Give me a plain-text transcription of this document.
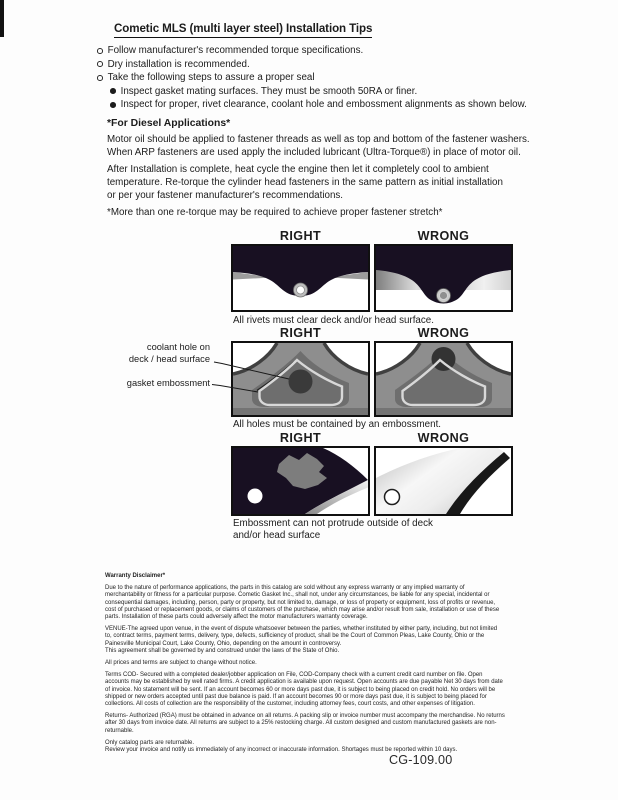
Cometic MLS (multi layer steel) Installation Tips
Follow manufacturer's recommended torque specifications.
Dry installation is recommended.
Take the following steps to assure a proper seal
Inspect gasket mating surfaces. They must be smooth 50RA or finer.
Inspect for proper, rivet clearance, coolant hole and embossment alignments as shown below.
*For Diesel Applications*
Motor oil should be applied to fastener threads as well as top and bottom of the fastener washers.
When ARP fasteners are used apply the included lubricant (Ultra-Torque®) in place of motor oil.
After Installation is complete, heat cycle the engine then let it completely cool to ambient
temperature. Re-torque the cylinder head fasteners in the same pattern as initial installation
or per your fastener manufacturer's recommendations.
*More than one re-torque may be required to achieve proper fastener stretch*
RIGHT	WRONG
All rivets must clear deck and/or head surface.
RIGHT	WRONG
coolant hole on
deck / head surface
gasket embossment
All holes must be contained by an embossment.
RIGHT	WRONG
Embossment can not protrude outside of deck
and/or head surface

Warranty Disclaimer*

Due to the nature of performance applications, the parts in this catalog are sold without any express warranty or any implied warranty of merchantability or fitness for a particular purpose. Cometic Gasket Inc., shall not, under any circumstances, be liable for any special, incidental or consequential damages, including, person, party or property, but not limited to, damage, or loss of property or equipment, loss of profits or revenue, cost of purchased or replacement goods, or claims of customers of the purchase, which may arise and/or result from sale, installation or use of these parts. Installation of these parts could adversely affect the motor manufacturers warranty coverage.

VENUE-The agreed upon venue, in the event of dispute whatsoever between the parties, whether instituted by either party, including, but not limited to, contract terms, payment terms, delivery, type, defects, sufficiency of product, shall be the Court of Common Pleas, Lake County, Ohio or the Painesville Municipal Court, Lake County, Ohio, depending on the amount in controversy.

This agreement shall be governed by and construed under the laws of the State of Ohio.

All prices and terms are subject to change without notice.

Terms COD- Secured with a completed dealer/jobber application on File, COD-Company check with a current credit card number on file. Open accounts may be established by well rated firms. A credit application is available upon request. Open accounts are due payable Net 30 days from date of invoice. No statement will be sent. If an account becomes 60 or more days past due, it is subject to being placed on credit hold. No orders will be shipped or new orders accepted until past due balance is paid. If an account becomes 90 or more days past due, it is subject to being placed for collections. All costs of collection are the responsibility of the customer, including attorney fees, court costs, and other expenses of litigation.

Returns- Authorized (RGA) must be obtained in advance on all returns. A packing slip or invoice number must accompany the merchandise. No returns after 30 days from invoice date. All returns are subject to a 25% restocking charge. All custom designed and custom manufactured gaskets are non-returnable.

Only catalog parts are returnable.

Review your invoice and notify us immediately of any incorrect or inaccurate information. Shortages must be reported within 10 days.

CG-109.00
